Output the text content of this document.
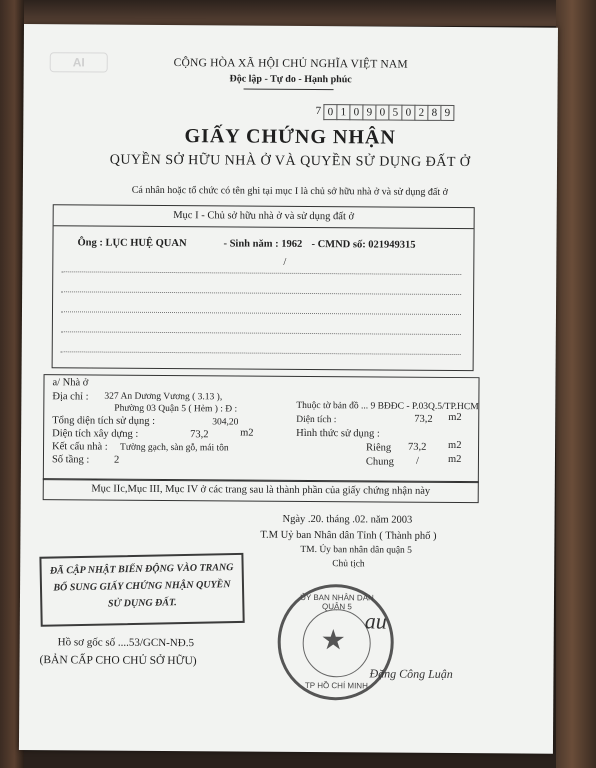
AI	CỘNG HÒA XÃ HỘI CHỦ NGHĨA VIỆT NAM
Độc lập - Tự do - Hạnh phúc
7 0 1 0 9 0 5 0 2 8 9
GIẤY CHỨNG NHẬN
QUYỀN SỞ HỮU NHÀ Ở VÀ QUYỀN SỬ DỤNG ĐẤT Ở
Cá nhân hoặc tổ chức có tên ghi tại mục I là chủ sở hữu nhà ở và sử dụng đất ở
Mục I - Chủ sở hữu nhà ở và sử dụng đất ở
Ông : LỤC HUỆ QUAN	- Sinh năm : 1962 - CMND số: 021949315
/
a/ Nhà ở
Địa chỉ : 327 An Dương Vương ( 3.13 ),
Phường 03 Quận 5 ( Hẻm ) : Đ :
Tổng diện tích sử dụng :	304,20
Diện tích xây dựng :	73,2	m2
Kết cấu nhà : Tường gạch, sàn gỗ, mái tôn
Số tầng : 2
Thuộc tờ bản đồ ... 9 BĐĐC - P.03Q.5/TP.HCM
Diện tích :	73,2 m2
Hình thức sử dụng :
Riêng 73,2 m2
Chung /	m2
Mục IIc,Mục III, Mục IV ở các trang sau là thành phần của giấy chứng nhận này
Ngày .20. tháng .02. năm 2003
T.M Uỷ ban Nhân dân Tỉnh ( Thành phố )
TM. Ủy ban nhân dân quận 5
Chủ tịch
ĐÃ CẬP NHẬT BIẾN ĐỘNG VÀO TRANG
BỔ SUNG GIẤY CHỨNG NHẬN QUYỀN
SỬ DỤNG ĐẤT.	ỦY BAN NHÂN DÂN QUẬN 5
TP HỒ CHÍ MINH
★
au
Đặng Công Luận
Hồ sơ gốc số ....53/GCN-NĐ.5
(BẢN CẤP CHO CHỦ SỞ HỮU)
